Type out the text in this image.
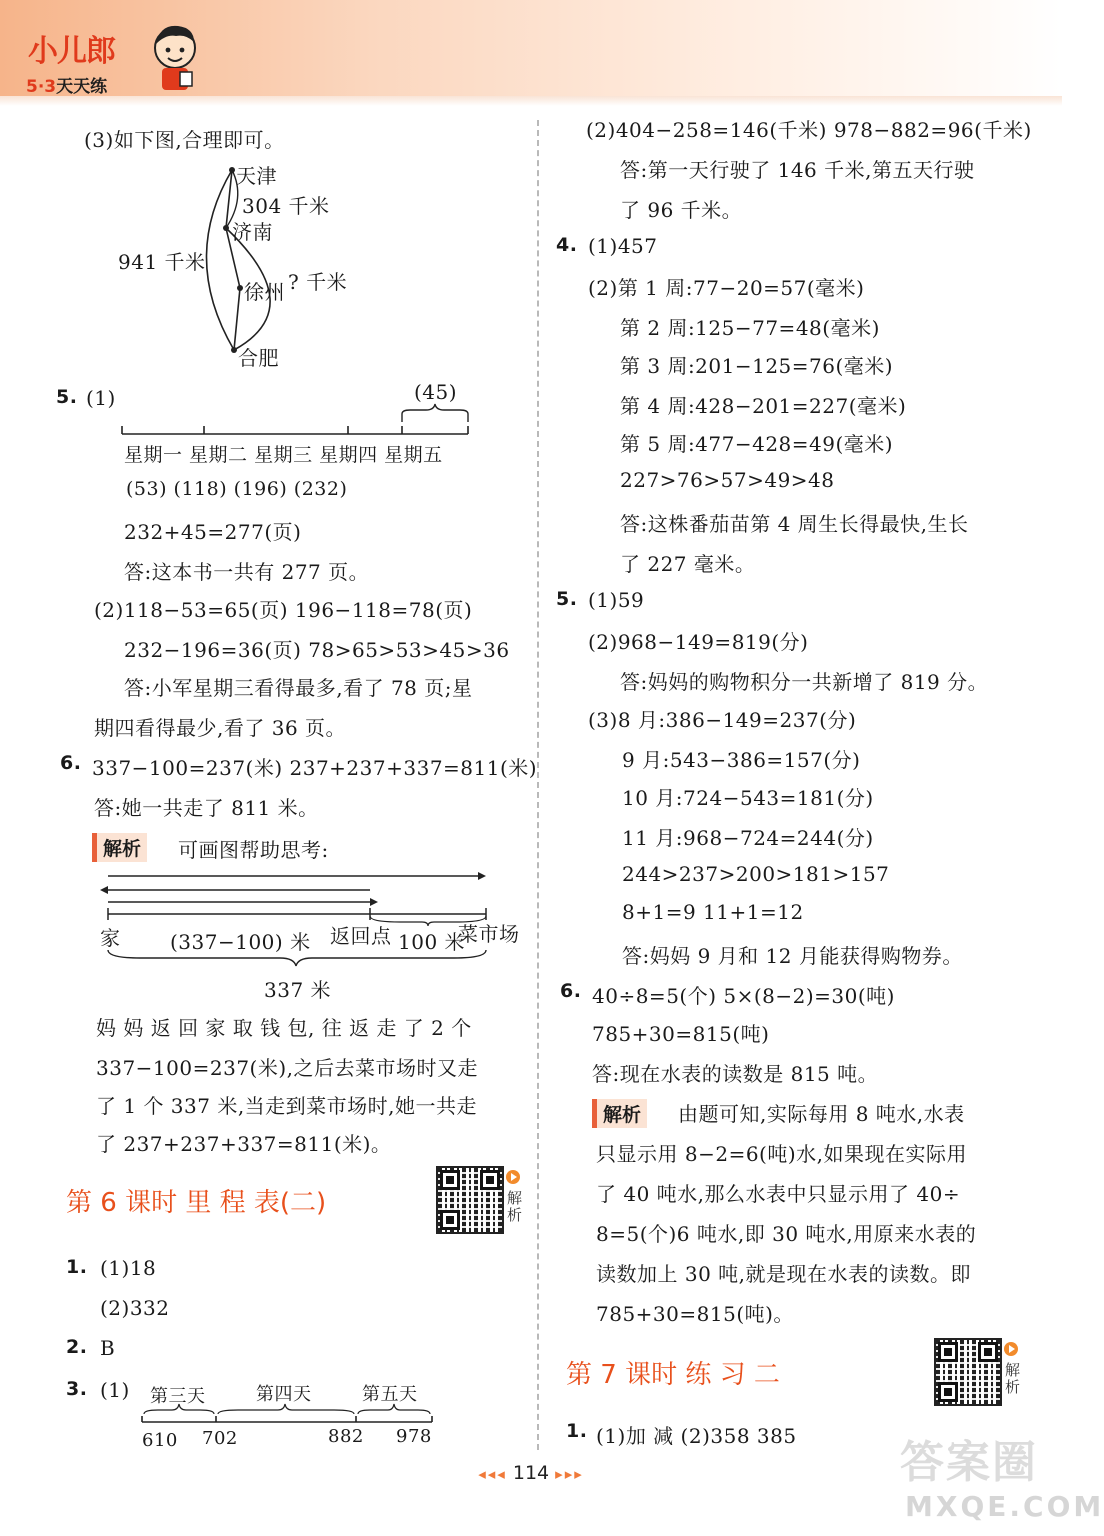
小儿郎
5·3天天练
(3)如下图,合理即可。
天津
304 千米
济南
941 千米
徐州 ? 千米
合肥
5. (1)	(45)
星期一 星期二 星期三 星期四 星期五
(53) (118) (196) (232)
232+45=277(页)
答:这本书一共有 277 页。
(2)118−53=65(页) 196−118=78(页)
232−196=36(页) 78>65>53>45>36
答:小军星期三看得最多,看了 78 页;星
期四看得最少,看了 36 页。
6. 337−100=237(米) 237+237+337=811(米)
答:她一共走了 811 米。
解析	可画图帮助思考:
家 (337−100) 米 返回点 100 米
菜市场
337 米
妈 妈 返 回 家 取 钱 包, 往 返 走 了 2 个
337−100=237(米),之后去菜市场时又走
了 1 个 337 米,当走到菜市场时,她一共走
了 237+237+337=811(米)。
第 6 课时 里 程 表(二)	解析
1. (1)18
(2)332
2. B
3. (1) 第三天	第四天	第五天
610 702	882 978
(2)404−258=146(千米) 978−882=96(千米)
答:第一天行驶了 146 千米,第五天行驶
了 96 千米。
4. (1)457
(2)第 1 周:77−20=57(毫米)
第 2 周:125−77=48(毫米)
第 3 周:201−125=76(毫米)
第 4 周:428−201=227(毫米)
第 5 周:477−428=49(毫米)
227>76>57>49>48
答:这株番茄苗第 4 周生长得最快,生长
了 227 毫米。
5. (1)59
(2)968−149=819(分)
答:妈妈的购物积分一共新增了 819 分。
(3)8 月:386−149=237(分)
9 月:543−386=157(分)
10 月:724−543=181(分)
11 月:968−724=244(分)
244>237>200>181>157
8+1=9 11+1=12
答:妈妈 9 月和 12 月能获得购物券。
6. 40÷8=5(个) 5×(8−2)=30(吨)
785+30=815(吨)
答:现在水表的读数是 815 吨。
解析	由题可知,实际每用 8 吨水,水表
只显示用 8−2=6(吨)水,如果现在实际用
了 40 吨水,那么水表中只显示用了 40÷
8=5(个)6 吨水,即 30 吨水,用原来水表的
读数加上 30 吨,就是现在水表的读数。即
785+30=815(吨)。
第 7 课时 练 习 二	解析
1. (1)加 减 (2)358 385
◂◂◂ 114 ▸▸▸	答案圈
MXQE.COM
